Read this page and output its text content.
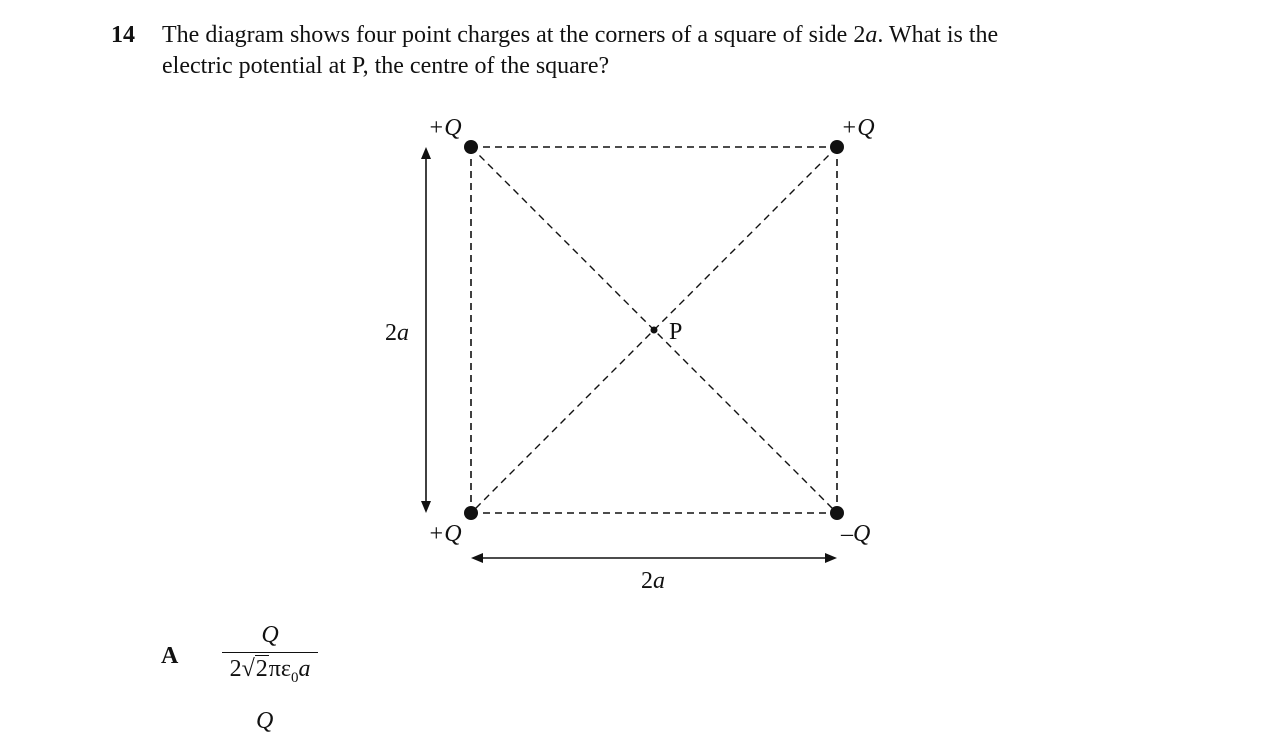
14 The diagram shows four point charges at the corners of a square of side 2a. What is the
electric potential at P, the centre of the square?
P
+Q	+Q
+Q	–Q
2a
2a
A
Q
$2√2\pi\varepsilon_0a$
Q
